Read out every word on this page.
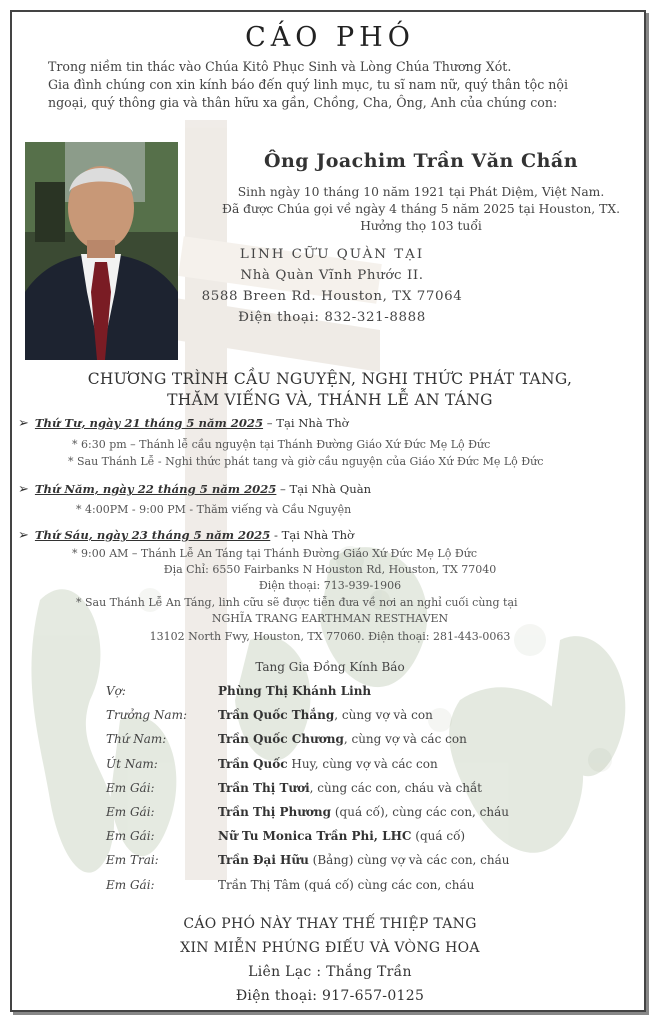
CÁO PHÓ
Trong niềm tin thác vào Chúa Kitô Phục Sinh và Lòng Chúa Thương Xót.
Gia đình chúng con xin kính báo đến quý linh mục, tu sĩ nam nữ, quý thân tộc nội
ngoại, quý thông gia và thân hữu xa gần, Chồng, Cha, Ông, Anh của chúng con:
Ông Joachim Trần Văn Chấn
Sinh ngày 10 tháng 10 năm 1921 tại Phát Diệm, Việt Nam.
Đã được Chúa gọi về ngày 4 tháng 5 năm 2025 tại Houston, TX.
Hưởng thọ 103 tuổi
LINH CỮU QUÀN TẠI
Nhà Quàn Vĩnh Phước II.
8588 Breen Rd. Houston, TX 77064
Điện thoại: 832-321-8888
CHƯƠNG TRÌNH CẦU NGUYỆN, NGHI THỨC PHÁT TANG,
THĂM VIẾNG VÀ, THÁNH LỄ AN TÁNG
➢ Thứ Tư, ngày 21 tháng 5 năm 2025 – Tại Nhà Thờ
* 6:30 pm – Thánh lễ cầu nguyện tại Thánh Đường Giáo Xứ Đức Mẹ Lộ Đức
* Sau Thánh Lễ - Nghi thức phát tang và giờ cầu nguyện của Giáo Xứ Đức Mẹ Lộ Đức
➢ Thứ Năm, ngày 22 tháng 5 năm 2025 – Tại Nhà Quàn
* 4:00PM - 9:00 PM - Thăm viếng và Cầu Nguyện
➢ Thứ Sáu, ngày 23 tháng 5 năm 2025 - Tại Nhà Thờ
* 9:00 AM – Thánh Lễ An Táng tại Thánh Đường Giáo Xứ Đức Mẹ Lộ Đức
Địa Chỉ: 6550 Fairbanks N Houston Rd, Houston, TX 77040
Điện thoại: 713-939-1906
* Sau Thánh Lễ An Táng, linh cữu sẽ được tiễn đưa về nơi an nghỉ cuối cùng tại
NGHĨA TRANG EARTHMAN RESTHAVEN
13102 North Fwy, Houston, TX 77060. Điện thoại: 281-443-0063
Tang Gia Đồng Kính Báo
Vợ:	Phùng Thị Khánh Linh
Trưởng Nam:	Trần Quốc Thắng, cùng vợ và con
Thứ Nam:	Trần Quốc Chương, cùng vợ và các con
Út Nam:	Trần Quốc Huy, cùng vợ và các con
Em Gái:	Trần Thị Tươi, cùng các con, cháu và chắt
Em Gái:	Trần Thị Phương (quá cố), cùng các con, cháu
Em Gái:	Nữ Tu Monica Trần Phi, LHC (quá cố)
Em Trai:	Trần Đại Hữu (Bảng) cùng vợ và các con, cháu
Em Gái:	Trần Thị Tâm (quá cố) cùng các con, cháu
CÁO PHÓ NÀY THAY THẾ THIỆP TANG
XIN MIỄN PHÚNG ĐIẾU VÀ VÒNG HOA
Liên Lạc : Thắng Trần
Điện thoại: 917-657-0125
